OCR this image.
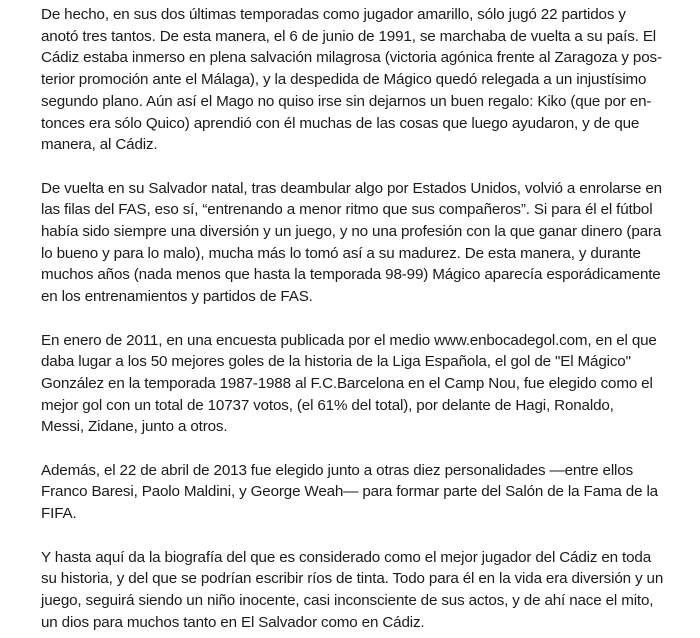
De hecho, en sus dos últimas temporadas como jugador amarillo, sólo jugó 22 partidos y
anotó tres tantos. De esta manera, el 6 de junio de 1991, se marchaba de vuelta a su país. El
Cádiz estaba inmerso en plena salvación milagrosa (victoria agónica frente al Zaragoza y pos-
terior promoción ante el Málaga), y la despedida de Mágico quedó relegada a un injustísimo
segundo plano. Aún así el Mago no quiso irse sin dejarnos un buen regalo: Kiko (que por en-
tonces era sólo Quico) aprendió con él muchas de las cosas que luego ayudaron, y de que
manera, al Cádiz.

De vuelta en su Salvador natal, tras deambular algo por Estados Unidos, volvió a enrolarse en
las filas del FAS, eso sí, “entrenando a menor ritmo que sus compañeros”. Si para él el fútbol
había sido siempre una diversión y un juego, y no una profesión con la que ganar dinero (para
lo bueno y para lo malo), mucha más lo tomó así a su madurez. De esta manera, y durante
muchos años (nada menos que hasta la temporada 98-99) Mágico aparecía esporádicamente
en los entrenamientos y partidos de FAS.

En enero de 2011, en una encuesta publicada por el medio www.enbocadegol.com, en el que
daba lugar a los 50 mejores goles de la historia de la Liga Española, el gol de "El Mágico"
González en la temporada 1987-1988 al F.C.Barcelona en el Camp Nou, fue elegido como el
mejor gol con un total de 10737 votos, (el 61% del total), por delante de Hagi, Ronaldo,
Messi, Zidane, junto a otros.

Además, el 22 de abril de 2013 fue elegido junto a otras diez personalidades —entre ellos
Franco Baresi, Paolo Maldini, y George Weah— para formar parte del Salón de la Fama de la
FIFA.

Y hasta aquí da la biografía del que es considerado como el mejor jugador del Cádiz en toda
su historia, y del que se podrían escribir ríos de tinta. Todo para él en la vida era diversión y un
juego, seguirá siendo un niño inocente, casi inconsciente de sus actos, y de ahí nace el mito,
un dios para muchos tanto en El Salvador como en Cádiz.
